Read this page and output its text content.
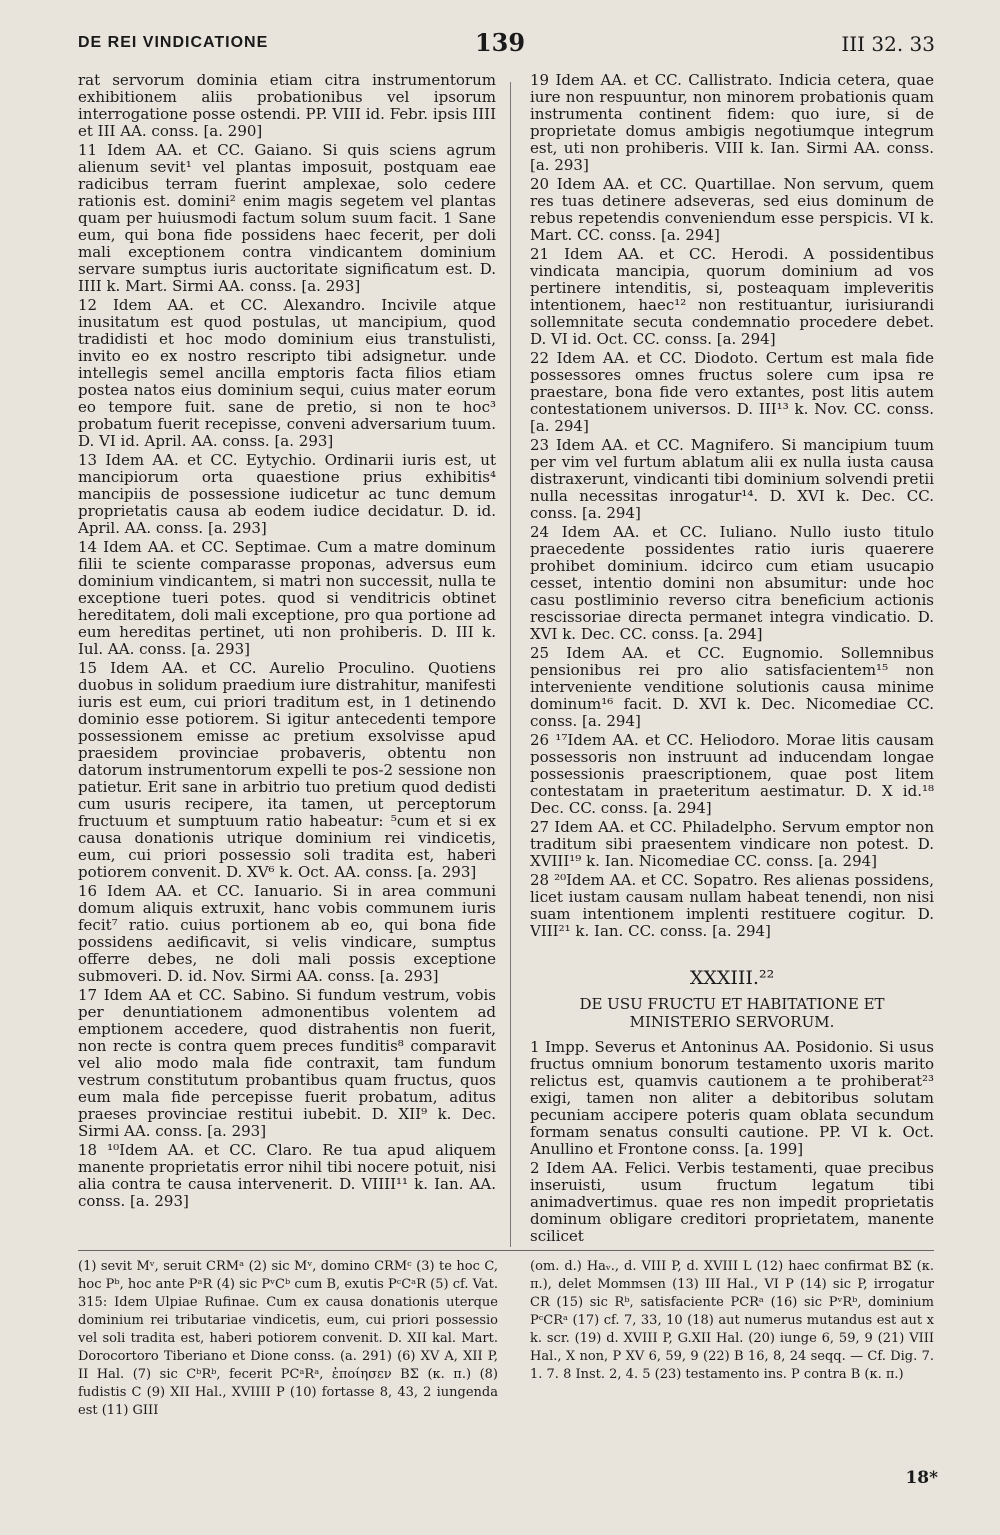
DE REI VINDICATIONE	139	III 32. 33

rat servorum dominia etiam citra instrumentorum exhibitionem aliis probationibus vel ipsorum interrogatione posse ostendi. PP. VIII id. Febr. ipsis IIII et III AA. conss. [a. 290]

11 Idem AA. et CC. Gaiano. Si quis sciens agrum alienum sevit¹ vel plantas imposuit, postquam eae radicibus terram fuerint amplexae, solo cedere rationis est. domini² enim magis segetem vel plantas quam per huiusmodi factum solum suum facit. 1 Sane eum, qui bona fide possidens haec fecerit, per doli mali exceptionem contra vindicantem dominium servare sumptus iuris auctoritate significatum est. D. IIII k. Mart. Sirmi AA. conss. [a. 293]

12 Idem AA. et CC. Alexandro. Incivile atque inusitatum est quod postulas, ut mancipium, quod tradidisti et hoc modo dominium eius transtulisti, invito eo ex nostro rescripto tibi adsignetur. unde intellegis semel ancilla emptoris facta filios etiam postea natos eius dominium sequi, cuius mater eorum eo tempore fuit. sane de pretio, si non te hoc³ probatum fuerit recepisse, conveni adversarium tuum. D. VI id. April. AA. conss. [a. 293]

13 Idem AA. et CC. Eytychio. Ordinarii iuris est, ut mancipiorum orta quaestione prius exhibitis⁴ mancipiis de possessione iudicetur ac tunc demum proprietatis causa ab eodem iudice decidatur. D. id. April. AA. conss. [a. 293]

14 Idem AA. et CC. Septimae. Cum a matre dominum filii te sciente comparasse proponas, adversus eum dominium vindicantem, si matri non successit, nulla te exceptione tueri potes. quod si venditricis obtinet hereditatem, doli mali exceptione, pro qua portione ad eum hereditas pertinet, uti non prohiberis. D. III k. Iul. AA. conss. [a. 293]

15 Idem AA. et CC. Aurelio Proculino. Quotiens duobus in solidum praedium iure distrahitur, manifesti iuris est eum, cui priori traditum est, in 1 detinendo dominio esse potiorem. Si igitur antecedenti tempore possessionem emisse ac pretium exsolvisse apud praesidem provinciae probaveris, obtentu non datorum instrumentorum expelli te pos-2 sessione non patietur. Erit sane in arbitrio tuo pretium quod dedisti cum usuris recipere, ita tamen, ut perceptorum fructuum et sumptuum ratio habeatur: ⁵cum et si ex causa donationis utrique dominium rei vindicetis, eum, cui priori possessio soli tradita est, haberi potiorem convenit. D. XV⁶ k. Oct. AA. conss. [a. 293]

16 Idem AA. et CC. Ianuario. Si in area communi domum aliquis extruxit, hanc vobis communem iuris fecit⁷ ratio. cuius portionem ab eo, qui bona fide possidens aedificavit, si velis vindicare, sumptus offerre debes, ne doli mali possis exceptione submoveri. D. id. Nov. Sirmi AA. conss. [a. 293]

17 Idem AA et CC. Sabino. Si fundum vestrum, vobis per denuntiationem admonentibus volentem ad emptionem accedere, quod distrahentis non fuerit, non recte is contra quem preces funditis⁸ comparavit vel alio modo mala fide contraxit, tam fundum vestrum constitutum probantibus quam fructus, quos eum mala fide percepisse fuerit probatum, aditus praeses provinciae restitui iubebit. D. XII⁹ k. Dec. Sirmi AA. conss. [a. 293]

18 ¹⁰Idem AA. et CC. Claro. Re tua apud aliquem manente proprietatis error nihil tibi nocere potuit, nisi alia contra te causa intervenerit. D. VIIII¹¹ k. Ian. AA. conss. [a. 293]

19 Idem AA. et CC. Callistrato. Indicia cetera, quae iure non respuuntur, non minorem probationis quam instrumenta continent fidem: quo iure, si de proprietate domus ambigis negotiumque integrum est, uti non prohiberis. VIII k. Ian. Sirmi AA. conss. [a. 293]

20 Idem AA. et CC. Quartillae. Non servum, quem res tuas detinere adseveras, sed eius dominum de rebus repetendis conveniendum esse perspicis. VI k. Mart. CC. conss. [a. 294]

21 Idem AA. et CC. Herodi. A possidentibus vindicata mancipia, quorum dominium ad vos pertinere intenditis, si, posteaquam impleveritis intentionem, haec¹² non restituantur, iurisiurandi sollemnitate secuta condemnatio procedere debet. D. VI id. Oct. CC. conss. [a. 294]

22 Idem AA. et CC. Diodoto. Certum est mala fide possessores omnes fructus solere cum ipsa re praestare, bona fide vero extantes, post litis autem contestationem universos. D. III¹³ k. Nov. CC. conss. [a. 294]

23 Idem AA. et CC. Magnifero. Si mancipium tuum per vim vel furtum ablatum alii ex nulla iusta causa distraxerunt, vindicanti tibi dominium solvendi pretii nulla necessitas inrogatur¹⁴. D. XVI k. Dec. CC. conss. [a. 294]

24 Idem AA. et CC. Iuliano. Nullo iusto titulo praecedente possidentes ratio iuris quaerere prohibet dominium. idcirco cum etiam usucapio cesset, intentio domini non absumitur: unde hoc casu postliminio reverso citra beneficium actionis rescissoriae directa permanet integra vindicatio. D. XVI k. Dec. CC. conss. [a. 294]

25 Idem AA. et CC. Eugnomio. Sollemnibus pensionibus rei pro alio satisfacientem¹⁵ non interveniente venditione solutionis causa minime dominum¹⁶ facit. D. XVI k. Dec. Nicomediae CC. conss. [a. 294]

26 ¹⁷Idem AA. et CC. Heliodoro. Morae litis causam possessoris non instruunt ad inducendam longae possessionis praescriptionem, quae post litem contestatam in praeteritum aestimatur. D. X id.¹⁸ Dec. CC. conss. [a. 294]

27 Idem AA. et CC. Philadelpho. Servum emptor non traditum sibi praesentem vindicare non potest. D. XVIII¹⁹ k. Ian. Nicomediae CC. conss. [a. 294]

28 ²⁰Idem AA. et CC. Sopatro. Res alienas possidens, licet iustam causam nullam habeat tenendi, non nisi suam intentionem implenti restituere cogitur. D. VIII²¹ k. Ian. CC. conss. [a. 294]

XXXIII.²²
DE USU FRUCTU ET HABITATIONE ET MINISTERIO SERVORUM.

1 Impp. Severus et Antoninus AA. Posidonio. Si usus fructus omnium bonorum testamento uxoris marito relictus est, quamvis cautionem a te prohiberat²³ exigi, tamen non aliter a debitoribus solutam pecuniam accipere poteris quam oblata secundum formam senatus consulti cautione. PP. VI k. Oct. Anullino et Frontone conss. [a. 199]

2 Idem AA. Felici. Verbis testamenti, quae precibus inseruisti, usum fructum legatum tibi animadvertimus. quae res non impedit proprietatis dominum obligare creditori proprietatem, manente scilicet

(1) sevit Mᵛ, seruit CRMᵃ (2) sic Mᵛ, domino CRMᶜ (3) te hoc C, hoc Pᵇ, hoc ante PᵃR (4) sic PᵛCᵇ cum B, exutis PᶜCᵃR (5) cf. Vat. 315: Idem Ulpiae Rufinae. Cum ex causa donationis uterque dominium rei tributariae vindicetis, eum, cui priori possessio vel soli tradita est, haberi potiorem convenit. D. XII kal. Mart. Dorocortoro Tiberiano et Dione conss. (a. 291) (6) XV A, XII P, II Hal. (7) sic CᵇRᵇ, fecerit PCᵃRᵃ, ἐποίησεν BΣ (κ. π.) (8) fudistis C (9) XII Hal., XVIIII P (10) fortasse 8, 43, 2 iungenda est (11) GIII

(om. d.) Haᵥ., d. VIII P, d. XVIII L (12) haec confirmat BΣ (κ. π.), delet Mommsen (13) III Hal., VI P (14) sic P, irrogatur CR (15) sic Rᵇ, satisfaciente PCRᵃ (16) sic PᵛRᵇ, dominium PᶜCRᵃ (17) cf. 7, 33, 10 (18) aut numerus mutandus est aut x k. scr. (19) d. XVIII P, G.XII Hal. (20) iunge 6, 59, 9 (21) VIII Hal., X non, P XV 6, 59, 9 (22) B 16, 8, 24 seqq. — Cf. Dig. 7. 1. 7. 8 Inst. 2, 4. 5 (23) testamento ins. P contra B (κ. π.)

18*
